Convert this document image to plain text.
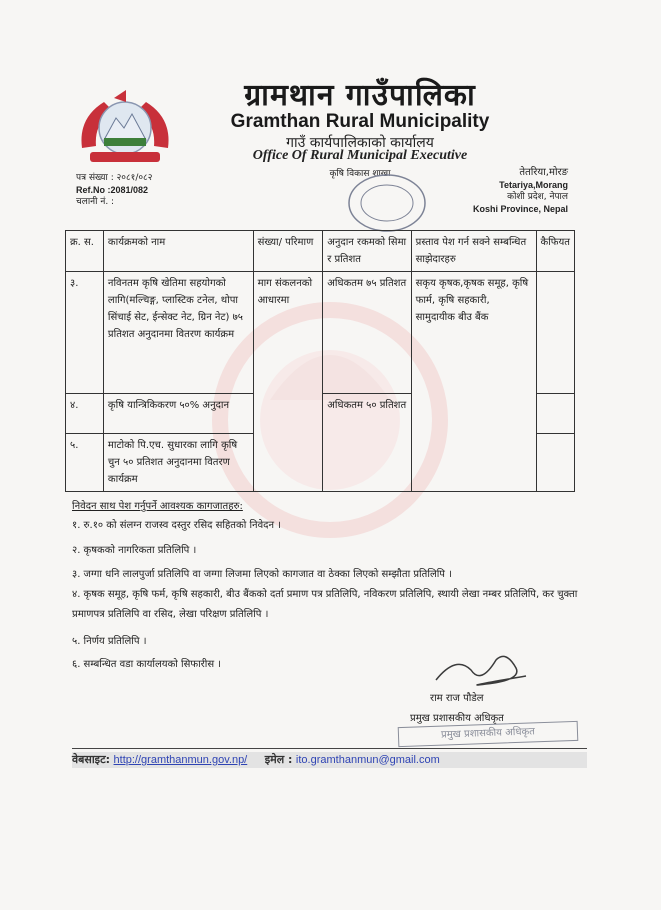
ग्रामथान गाउँपालिका
Gramthan Rural Municipality
गाउँ कार्यपालिकाको कार्यालय
Office Of Rural Municipal Executive
कृषि विकास शाखा
पत्र संख्या : २०८१/०८२
Ref.No :2081/082
चलानी नं. :
तेतरिया,मोरङ
Tetariya,Morang
कोशी प्रदेश, नेपाल
Koshi Province, Nepal
क्र. स.	कार्यक्रमको नाम	संख्या/ परिमाण	अनुदान रकमको सिमा र प्रतिशत	प्रस्ताव पेश गर्न सक्ने सम्बन्धित साझेदारहरु	कैफियत
३.	नविनतम कृषि खेतिमा सहयोगको लागि(मल्चिङ्ग, प्लास्टिक टनेल, थोपा सिंचाई सेट, ईन्सेक्ट नेट, ग्रिन नेट) ७५ प्रतिशत अनुदानमा वितरण कार्यक्रम	माग संकलनको आधारमा	अधिकतम ७५ प्रतिशत	सकृय कृषक,कृषक समूह, कृषि फार्म, कृषि सहकारी, सामुदायीक बीउ बैंक	
४.	कृषि यान्त्रिकिकरण ५०% अनुदान		अधिकतम ५० प्रतिशत		
५.	माटोको पि.एच. सुधारका लागि कृषि चुन ५० प्रतिशत अनुदानमा वितरण कार्यक्रम				
निवेदन साथ पेश गर्नुपर्ने आवश्यक कागजातहरु:
१. रु.१० को संलग्न राजस्व दस्तुर रसिद सहितको निवेदन ।
२. कृषकको नागरिकता प्रतिलिपि ।
३. जग्गा धनि लालपुर्जा प्रतिलिपि वा जग्गा लिजमा लिएको कागजात वा ठेक्का लिएको सम्झौता प्रतिलिपि ।
४. कृषक समूह, कृषि फर्म, कृषि सहकारी, बीउ बैंकको दर्ता प्रमाण पत्र प्रतिलिपि, नविकरण प्रतिलिपि, स्थायी लेखा नम्बर प्रतिलिपि, कर चुक्ता प्रमाणपत्र प्रतिलिपि वा रसिद, लेखा परिक्षण प्रतिलिपि ।
५. निर्णय प्रतिलिपि ।
६. सम्बन्धित वडा कार्यालयको सिफारीस ।
राम राज पौडेल
प्रमुख प्रशासकीय अधिकृत
प्रमुख प्रशासकीय अधिकृत
वेबसाइट: http://gramthanmun.gov.np/ इमेल : ito.gramthanmun@gmail.com
